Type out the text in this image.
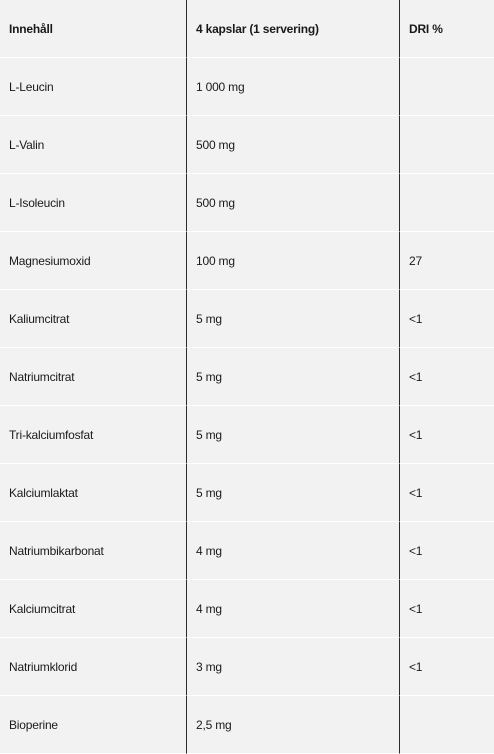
Innehåll	4 kapslar (1 servering)	DRI %
L-Leucin	1 000 mg
L-Valin	500 mg
L-Isoleucin	500 mg
Magnesiumoxid	100 mg	27
Kaliumcitrat	5 mg	<1
Natriumcitrat	5 mg	<1
Tri-kalciumfosfat	5 mg	<1
Kalciumlaktat	5 mg	<1
Natriumbikarbonat	4 mg	<1
Kalciumcitrat	4 mg	<1
Natriumklorid	3 mg	<1
Bioperine	2,5 mg
